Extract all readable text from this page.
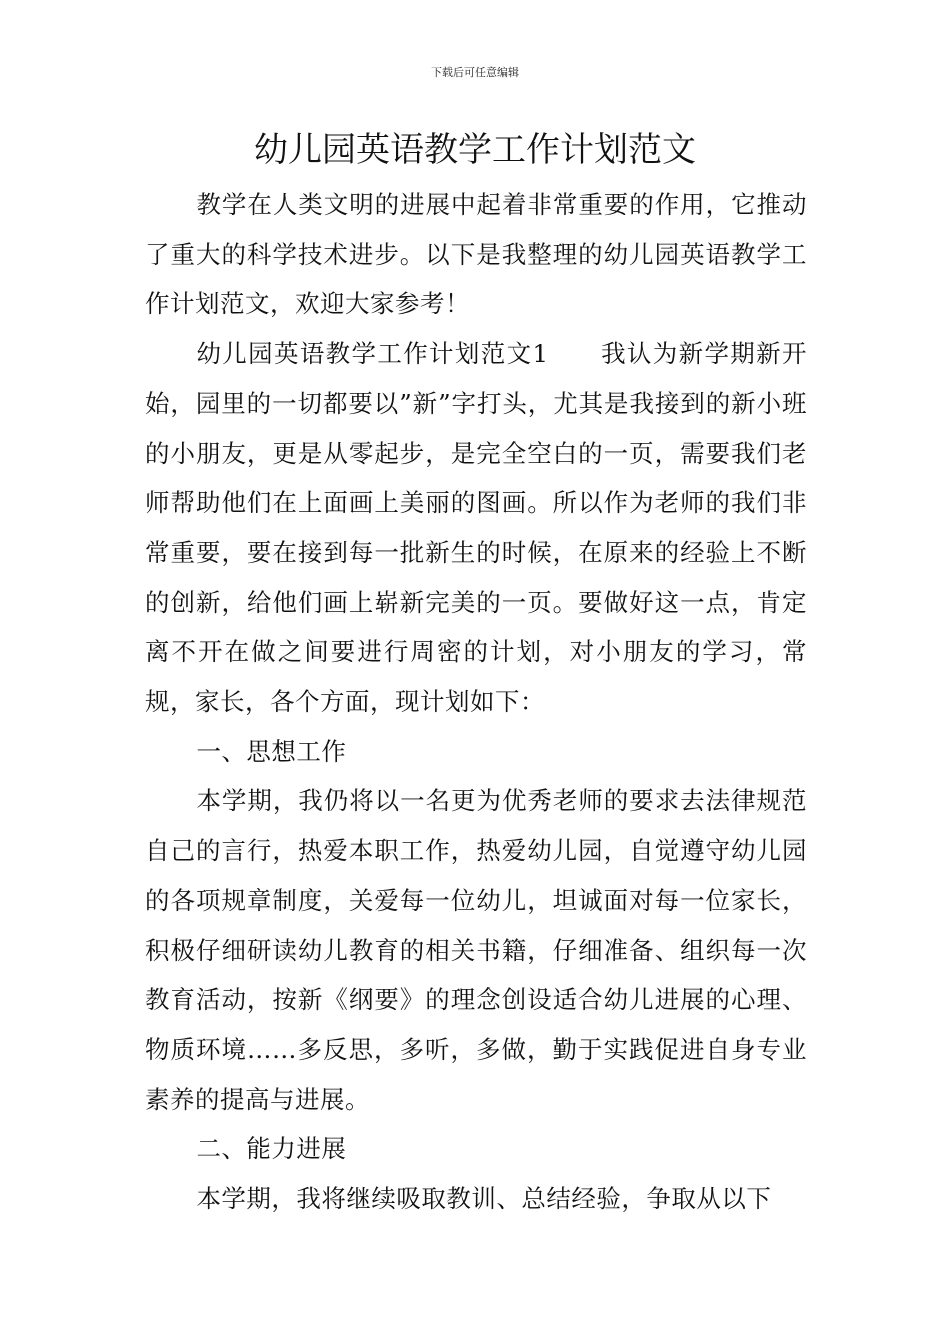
下载后可任意编辑
幼儿园英语教学工作计划范文

教学在人类文明的进展中起着非常重要的作用，它推动了重大的科学技术进步。以下是我整理的幼儿园英语教学工作计划范文，欢迎大家参考！

幼儿园英语教学工作计划范文1　　我认为新学期新开始，园里的一切都要以”新”字打头，尤其是我接到的新小班的小朋友，更是从零起步，是完全空白的一页，需要我们老师帮助他们在上面画上美丽的图画。所以作为老师的我们非常重要，要在接到每一批新生的时候，在原来的经验上不断的创新，给他们画上崭新完美的一页。要做好这一点，肯定离不开在做之间要进行周密的计划，对小朋友的学习，常规，家长，各个方面，现计划如下：

一、思想工作

本学期，我仍将以一名更为优秀老师的要求去法律规范自己的言行，热爱本职工作，热爱幼儿园，自觉遵守幼儿园的各项规章制度，关爱每一位幼儿，坦诚面对每一位家长，积极仔细研读幼儿教育的相关书籍，仔细准备、组织每一次教育活动，按新《纲要》的理念创设适合幼儿进展的心理、物质环境……多反思，多听，多做，勤于实践促进自身专业素养的提高与进展。

二、能力进展

本学期，我将继续吸取教训、总结经验，争取从以下
